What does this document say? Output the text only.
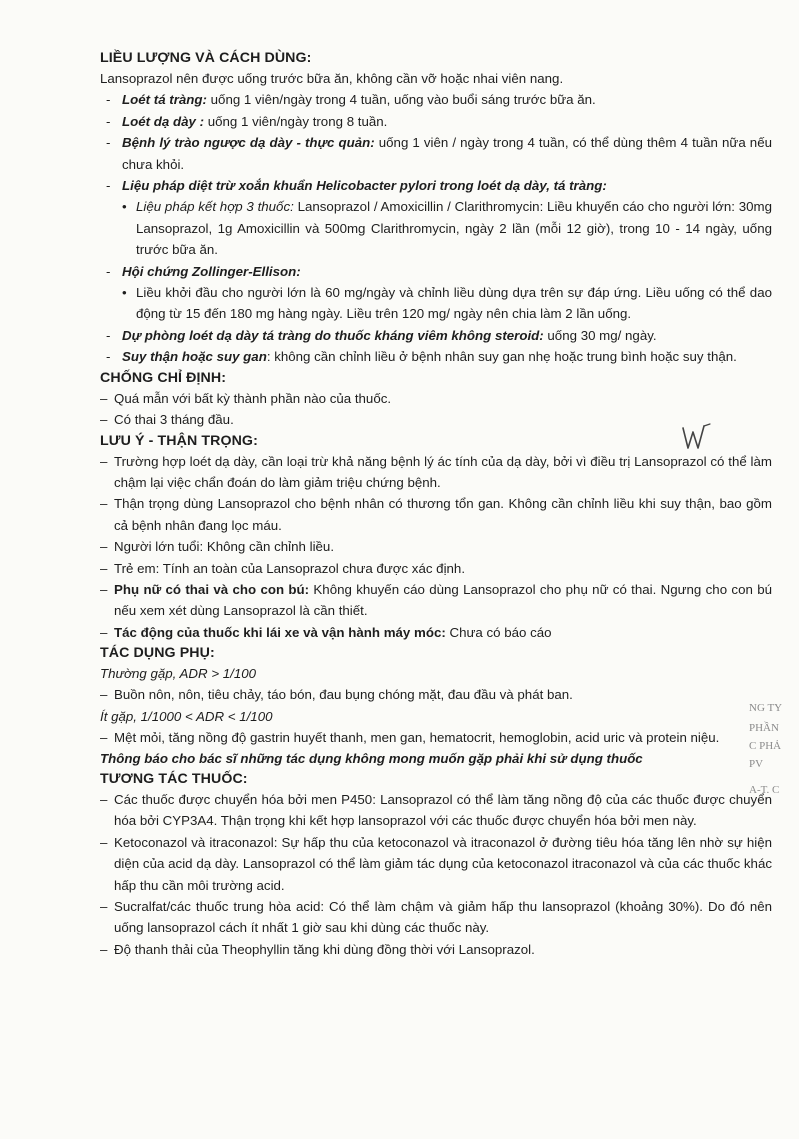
LIỀU LƯỢNG VÀ CÁCH DÙNG:

Lansoprazol nên được uống trước bữa ăn, không cần vỡ hoặc nhai viên nang.

- Loét tá tràng: uống 1 viên/ngày trong 4 tuần, uống vào buổi sáng trước bữa ăn.
- Loét dạ dày : uống 1 viên/ngày trong 8 tuần.
- Bệnh lý trào ngược dạ dày - thực quản: uống 1 viên / ngày trong 4 tuần, có thể dùng thêm 4 tuần nữa nếu chưa khỏi.
- Liệu pháp diệt trừ xoắn khuẩn Helicobacter pylori trong loét dạ dày, tá tràng:
• Liệu pháp kết hợp 3 thuốc: Lansoprazol / Amoxicillin / Clarithromycin: Liều khuyến cáo cho người lớn: 30mg Lansoprazol, 1g Amoxicillin và 500mg Clarithromycin, ngày 2 lần (mỗi 12 giờ), trong 10 - 14 ngày, uống trước bữa ăn.
- Hội chứng Zollinger-Ellison:
• Liều khởi đầu cho người lớn là 60 mg/ngày và chỉnh liều dùng dựa trên sự đáp ứng. Liều uống có thể dao động từ 15 đến 180 mg hàng ngày. Liều trên 120 mg/ ngày nên chia làm 2 lần uống.
- Dự phòng loét dạ dày tá tràng do thuốc kháng viêm không steroid: uống 30 mg/ ngày.
- Suy thận hoặc suy gan: không cần chỉnh liều ở bệnh nhân suy gan nhẹ hoặc trung bình hoặc suy thận.

CHỐNG CHỈ ĐỊNH:

– Quá mẫn với bất kỳ thành phần nào của thuốc.
– Có thai 3 tháng đầu.

LƯU Ý - THẬN TRỌNG:

– Trường hợp loét dạ dày, cần loại trừ khả năng bệnh lý ác tính của dạ dày, bởi vì điều trị Lansoprazol có thể làm chậm lại việc chẩn đoán do làm giảm triệu chứng bệnh.
– Thận trọng dùng Lansoprazol cho bệnh nhân có thương tổn gan. Không cần chỉnh liều khi suy thận, bao gồm cả bệnh nhân đang lọc máu.
– Người lớn tuổi: Không cần chỉnh liều.
– Trẻ em: Tính an toàn của Lansoprazol chưa được xác định.
– Phụ nữ có thai và cho con bú: Không khuyến cáo dùng Lansoprazol cho phụ nữ có thai. Ngưng cho con bú nếu xem xét dùng Lansoprazol là cần thiết.
– Tác động của thuốc khi lái xe và vận hành máy móc: Chưa có báo cáo

TÁC DỤNG PHỤ:

Thường gặp, ADR > 1/100

– Buồn nôn, nôn, tiêu chảy, táo bón, đau bụng chóng mặt, đau đầu và phát ban.

Ít gặp, 1/1000 < ADR < 1/100

– Mệt mỏi, tăng nồng độ gastrin huyết thanh, men gan, hematocrit, hemoglobin, acid uric và protein niệu.

Thông báo cho bác sĩ những tác dụng không mong muốn gặp phải khi sử dụng thuốc

TƯƠNG TÁC THUỐC:

– Các thuốc được chuyển hóa bởi men P450: Lansoprazol có thể làm tăng nồng độ của các thuốc được chuyển hóa bởi CYP3A4. Thận trọng khi kết hợp lansoprazol với các thuốc được chuyển hóa bởi men này.
– Ketoconazol và itraconazol: Sự hấp thu của ketoconazol và itraconazol ở đường tiêu hóa tăng lên nhờ sự hiện diện của acid dạ dày. Lansoprazol có thể làm giảm tác dụng của ketoconazol itraconazol và của các thuốc khác hấp thu cần môi trường acid.
– Sucralfat/các thuốc trung hòa acid: Có thể làm chậm và giảm hấp thu lansoprazol (khoảng 30%). Do đó nên uống lansoprazol cách ít nhất 1 giờ sau khi dùng các thuốc này.
– Độ thanh thải của Theophyllin tăng khi dùng đồng thời với Lansoprazol.
NG TY
PHẦN
C PHẢ
PV
A-T. C
